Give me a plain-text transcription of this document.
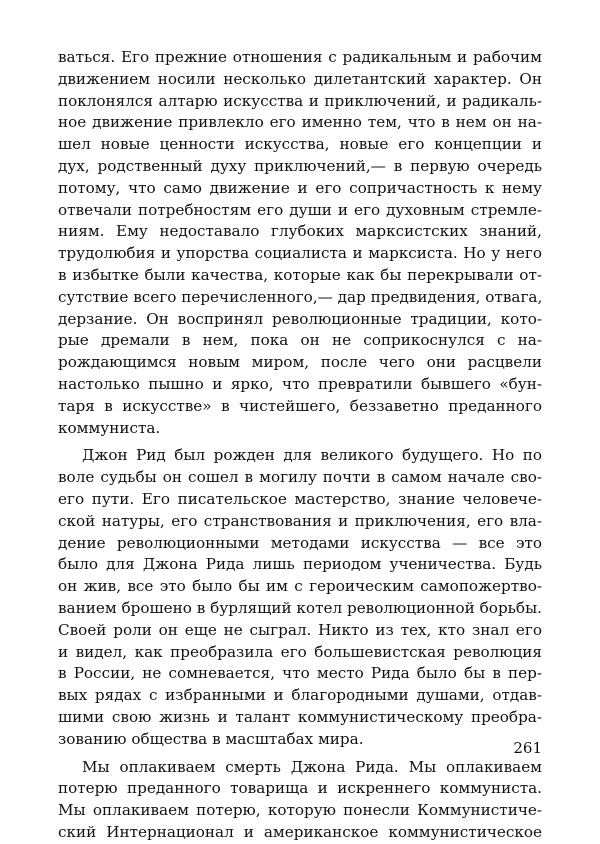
ваться. Его прежние отношения с радикальным и рабочим
движением носили несколько дилетантский характер. Он
поклонялся алтарю искусства и приключений, и радикаль-
ное движение привлекло его именно тем, что в нем он на-
шел новые ценности искусства, новые его концепции и
дух, родственный духу приключений,— в первую очередь
потому, что само движение и его сопричастность к нему
отвечали потребностям его души и его духовным стремле-
ниям. Ему недоставало глубоких марксистских знаний,
трудолюбия и упорства социалиста и марксиста. Но у него
в избытке были качества, которые как бы перекрывали от-
сутствие всего перечисленного,— дар предвидения, отвага,
дерзание. Он воспринял революционные традиции, кото-
рые дремали в нем, пока он не соприкоснулся с на-
рождающимся новым миром, после чего они расцвели
настолько пышно и ярко, что превратили бывшего «бун-
таря в искусстве» в чистейшего, беззаветно преданного
коммуниста.
Джон Рид был рожден для великого будущего. Но по
воле судьбы он сошел в могилу почти в самом начале сво-
его пути. Его писательское мастерство, знание человече-
ской натуры, его странствования и приключения, его вла-
дение революционными методами искусства — все это
было для Джона Рида лишь периодом ученичества. Будь
он жив, все это было бы им с героическим самопожертво-
ванием брошено в бурлящий котел революционной борьбы.
Своей роли он еще не сыграл. Никто из тех, кто знал его
и видел, как преобразила его большевистская революция
в России, не сомневается, что место Рида было бы в пер-
вых рядах с избранными и благородными душами, отдав-
шими свою жизнь и талант коммунистическому преобра-
зованию общества в масштабах мира.
Мы оплакиваем смерть Джона Рида. Мы оплакиваем
потерю преданного товарища и искреннего коммуниста.
Мы оплакиваем потерю, которую понесли Коммунистиче-
ский Интернационал и американское коммунистическое
261
